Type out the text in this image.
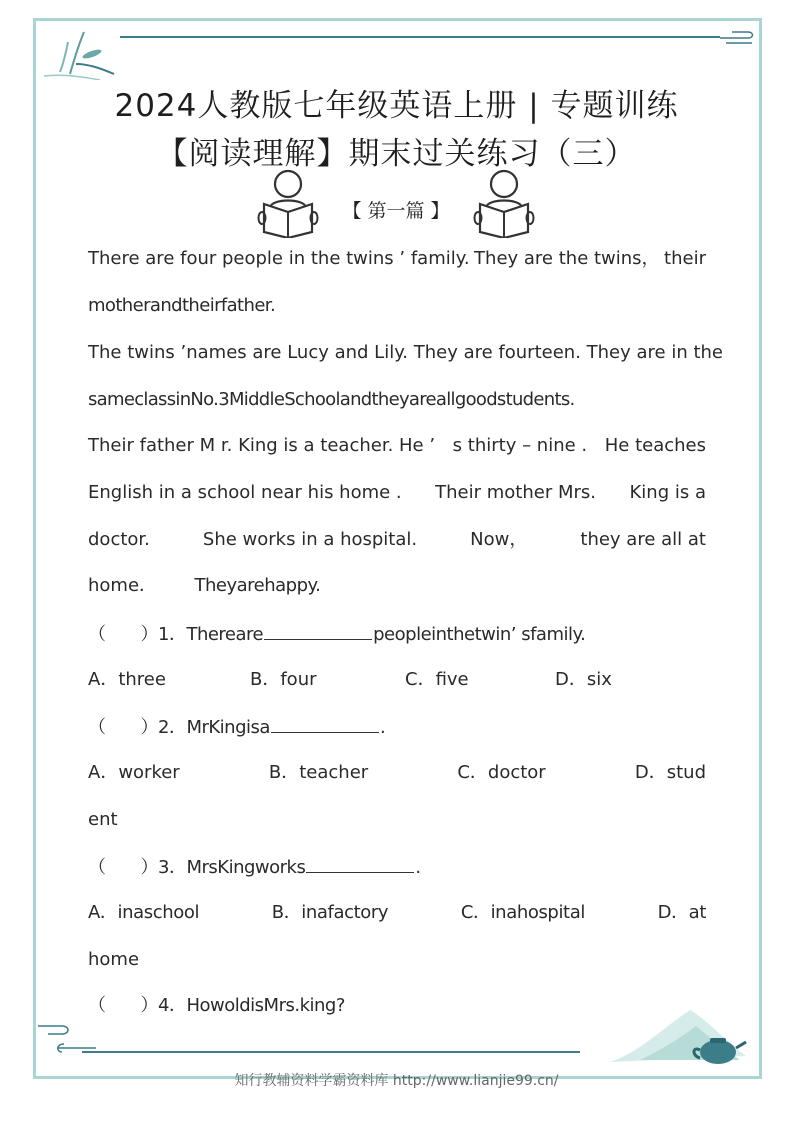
2024人教版七年级英语上册 | 专题训练
【阅读理解】期末过关练习（三）
【 第一篇 】
There are four people in the twins ’ family. They are the twins， their
motherandtheirfather.
The twins ’ names are Lucy and Lily. They are fourteen. They are in the
sameclassinNo.3MiddleSchoolandtheyareallgoodstudents.
Their father M r. King is a teacher. He ’ s thirty – nine . He teaches
English in a school near his home . Their mother Mrs. King is a
doctor.	She works in a hospital.	Now，	they are all at
home． Theyarehappy.
（　　）1．Thereare	peopleinthetwin’ sfamily.
A．three	B．four	C．five	D．six
（　　）2．MrKingisa	.
A．worker	B．teacher	C．doctor	D．stud
ent
（　　）3．MrsKingworks	.
A．inaschool	B．inafactory	C．inahospital	D．at
home
（　　）4．HowoldisMrs.king?
知行教辅资料学霸资料库 http://www.lianjie99.cn/
